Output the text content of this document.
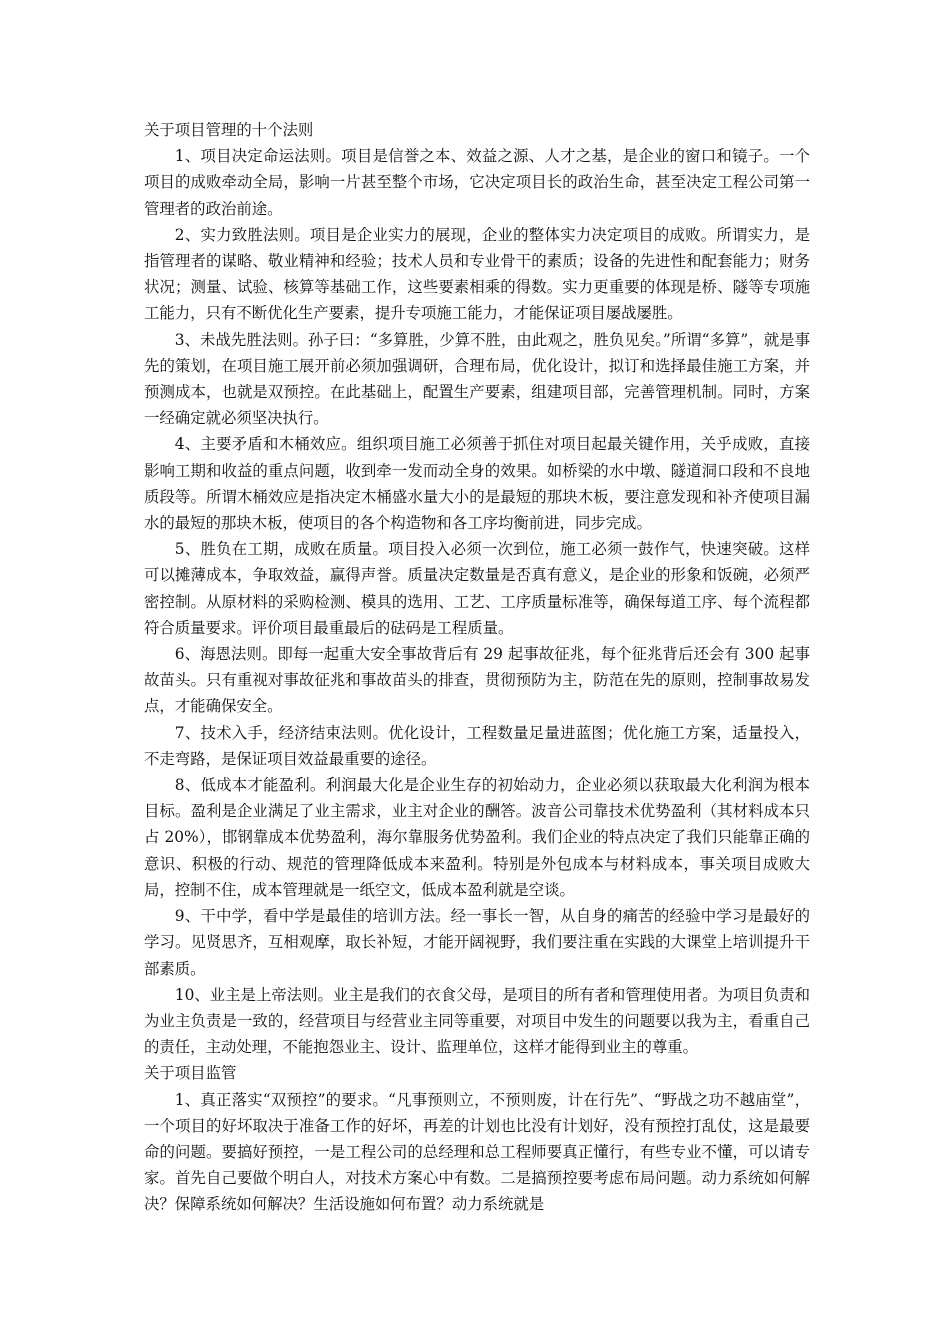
关于项目管理的十个法则

1、项目决定命运法则。项目是信誉之本、效益之源、人才之基，是企业的窗口和镜子。一个项目的成败牵动全局，影响一片甚至整个市场，它决定项目长的政治生命，甚至决定工程公司第一管理者的政治前途。

2、实力致胜法则。项目是企业实力的展现，企业的整体实力决定项目的成败。所谓实力，是指管理者的谋略、敬业精神和经验；技术人员和专业骨干的素质；设备的先进性和配套能力；财务状况；测量、试验、核算等基础工作，这些要素相乘的得数。实力更重要的体现是桥、隧等专项施工能力，只有不断优化生产要素，提升专项施工能力，才能保证项目屡战屡胜。

3、未战先胜法则。孙子曰：“多算胜，少算不胜，由此观之，胜负见矣。”所谓“多算”，就是事先的策划，在项目施工展开前必须加强调研，合理布局，优化设计，拟订和选择最佳施工方案，并预测成本，也就是双预控。在此基础上，配置生产要素，组建项目部，完善管理机制。同时，方案一经确定就必须坚决执行。

4、主要矛盾和木桶效应。组织项目施工必须善于抓住对项目起最关键作用，关乎成败，直接影响工期和收益的重点问题，收到牵一发而动全身的效果。如桥梁的水中墩、隧道洞口段和不良地质段等。所谓木桶效应是指决定木桶盛水量大小的是最短的那块木板，要注意发现和补齐使项目漏水的最短的那块木板，使项目的各个构造物和各工序均衡前进，同步完成。

5、胜负在工期，成败在质量。项目投入必须一次到位，施工必须一鼓作气，快速突破。这样可以摊薄成本，争取效益，赢得声誉。质量决定数量是否真有意义，是企业的形象和饭碗，必须严密控制。从原材料的采购检测、模具的选用、工艺、工序质量标准等，确保每道工序、每个流程都符合质量要求。评价项目最重最后的砝码是工程质量。

6、海恩法则。即每一起重大安全事故背后有 29 起事故征兆，每个征兆背后还会有 300 起事故苗头。只有重视对事故征兆和事故苗头的排查，贯彻预防为主，防范在先的原则，控制事故易发点，才能确保安全。

7、技术入手，经济结束法则。优化设计，工程数量足量进蓝图；优化施工方案，适量投入，不走弯路，是保证项目效益最重要的途径。

8、低成本才能盈利。利润最大化是企业生存的初始动力，企业必须以获取最大化利润为根本目标。盈利是企业满足了业主需求，业主对企业的酬答。波音公司靠技术优势盈利（其材料成本只占 20%），邯钢靠成本优势盈利，海尔靠服务优势盈利。我们企业的特点决定了我们只能靠正确的意识、积极的行动、规范的管理降低成本来盈利。特别是外包成本与材料成本，事关项目成败大局，控制不住，成本管理就是一纸空文，低成本盈利就是空谈。

9、干中学，看中学是最佳的培训方法。经一事长一智，从自身的痛苦的经验中学习是最好的学习。见贤思齐，互相观摩，取长补短，才能开阔视野，我们要注重在实践的大课堂上培训提升干部素质。

10、业主是上帝法则。业主是我们的衣食父母，是项目的所有者和管理使用者。为项目负责和为业主负责是一致的，经营项目与经营业主同等重要，对项目中发生的问题要以我为主，看重自己的责任，主动处理，不能抱怨业主、设计、监理单位，这样才能得到业主的尊重。

关于项目监管

1、真正落实“双预控”的要求。“凡事预则立，不预则废，计在行先”、“野战之功不越庙堂”，一个项目的好坏取决于准备工作的好坏，再差的计划也比没有计划好，没有预控打乱仗，这是最要命的问题。要搞好预控，一是工程公司的总经理和总工程师要真正懂行，有些专业不懂，可以请专家。首先自己要做个明白人，对技术方案心中有数。二是搞预控要考虑布局问题。动力系统如何解决？保障系统如何解决？生活设施如何布置？动力系统就是
